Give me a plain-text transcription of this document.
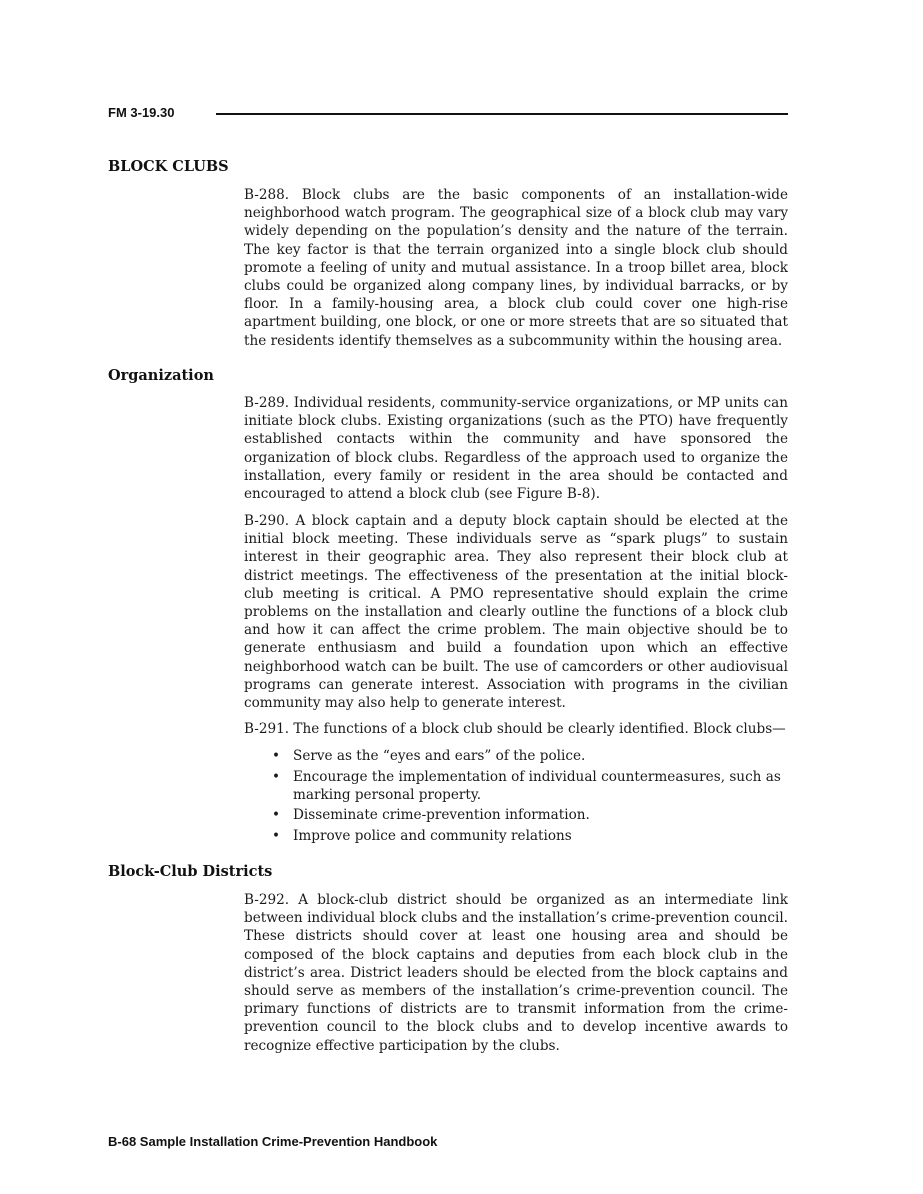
FM 3-19.30
BLOCK CLUBS

B-288. Block clubs are the basic components of an installation-wide neighborhood watch program. The geographical size of a block club may vary widely depending on the population’s density and the nature of the terrain. The key factor is that the terrain organized into a single block club should promote a feeling of unity and mutual assistance. In a troop billet area, block clubs could be organized along company lines, by individual barracks, or by floor. In a family-housing area, a block club could cover one high-rise apartment building, one block, or one or more streets that are so situated that the residents identify themselves as a subcommunity within the housing area.

Organization

B-289. Individual residents, community-service organizations, or MP units can initiate block clubs. Existing organizations (such as the PTO) have frequently established contacts within the community and have sponsored the organization of block clubs. Regardless of the approach used to organize the installation, every family or resident in the area should be contacted and encouraged to attend a block club (see Figure B-8).

B-290. A block captain and a deputy block captain should be elected at the initial block meeting. These individuals serve as “spark plugs” to sustain interest in their geographic area. They also represent their block club at district meetings. The effectiveness of the presentation at the initial block-club meeting is critical. A PMO representative should explain the crime problems on the installation and clearly outline the functions of a block club and how it can affect the crime problem. The main objective should be to generate enthusiasm and build a foundation upon which an effective neighborhood watch can be built. The use of camcorders or other audiovisual programs can generate interest. Association with programs in the civilian community may also help to generate interest.

B-291. The functions of a block club should be clearly identified. Block clubs—

• Serve as the “eyes and ears” of the police.
• Encourage the implementation of individual countermeasures, such as marking personal property.
• Disseminate crime-prevention information.
• Improve police and community relations
Block-Club Districts

B-292. A block-club district should be organized as an intermediate link between individual block clubs and the installation’s crime-prevention council. These districts should cover at least one housing area and should be composed of the block captains and deputies from each block club in the district’s area. District leaders should be elected from the block captains and should serve as members of the installation’s crime-prevention council. The primary functions of districts are to transmit information from the crime-prevention council to the block clubs and to develop incentive awards to recognize effective participation by the clubs.

B-68 Sample Installation Crime-Prevention Handbook
